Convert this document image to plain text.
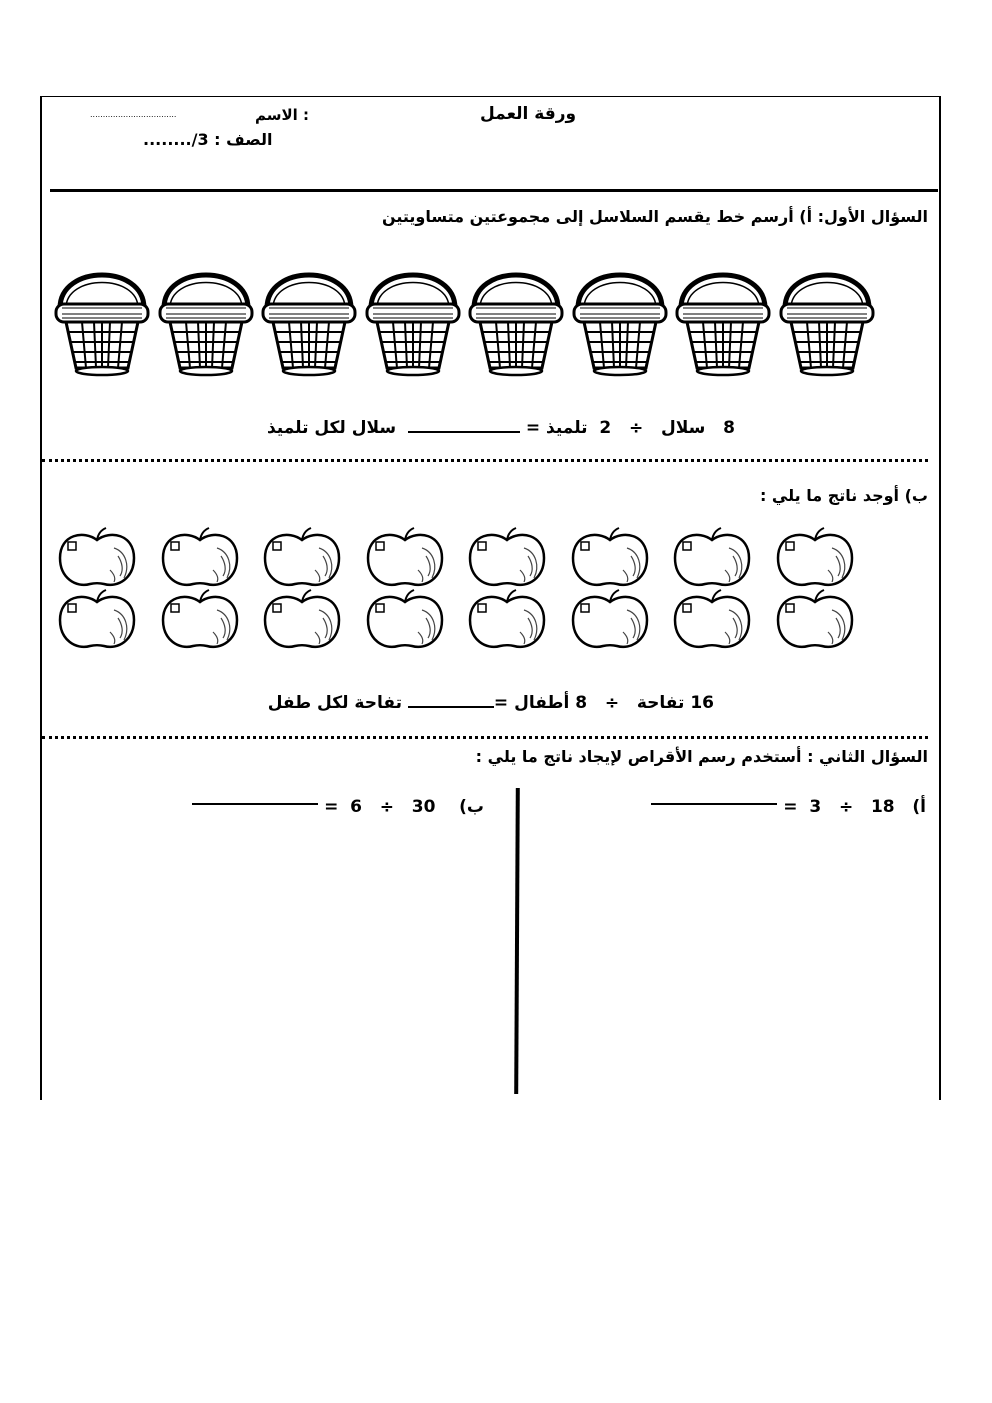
ورقة العمل
الاسم :
..................................
الصف : 3/........
السؤال الأول: أ) أرسم خط يقسم السلاسل إلى مجموعتين متساويتين
8   سلال   ÷   2  تلميذ =   سلال لكل تلميذ
ب) أوجد ناتج ما يلي :
16 تفاحة   ÷   8 أطفال = تفاحة لكل طفل
السؤال الثاني : أستخدم رسم الأقراص لإيجاد ناتج ما يلي :
أ)   18   ÷   3  =
ب)    30   ÷   6  =
